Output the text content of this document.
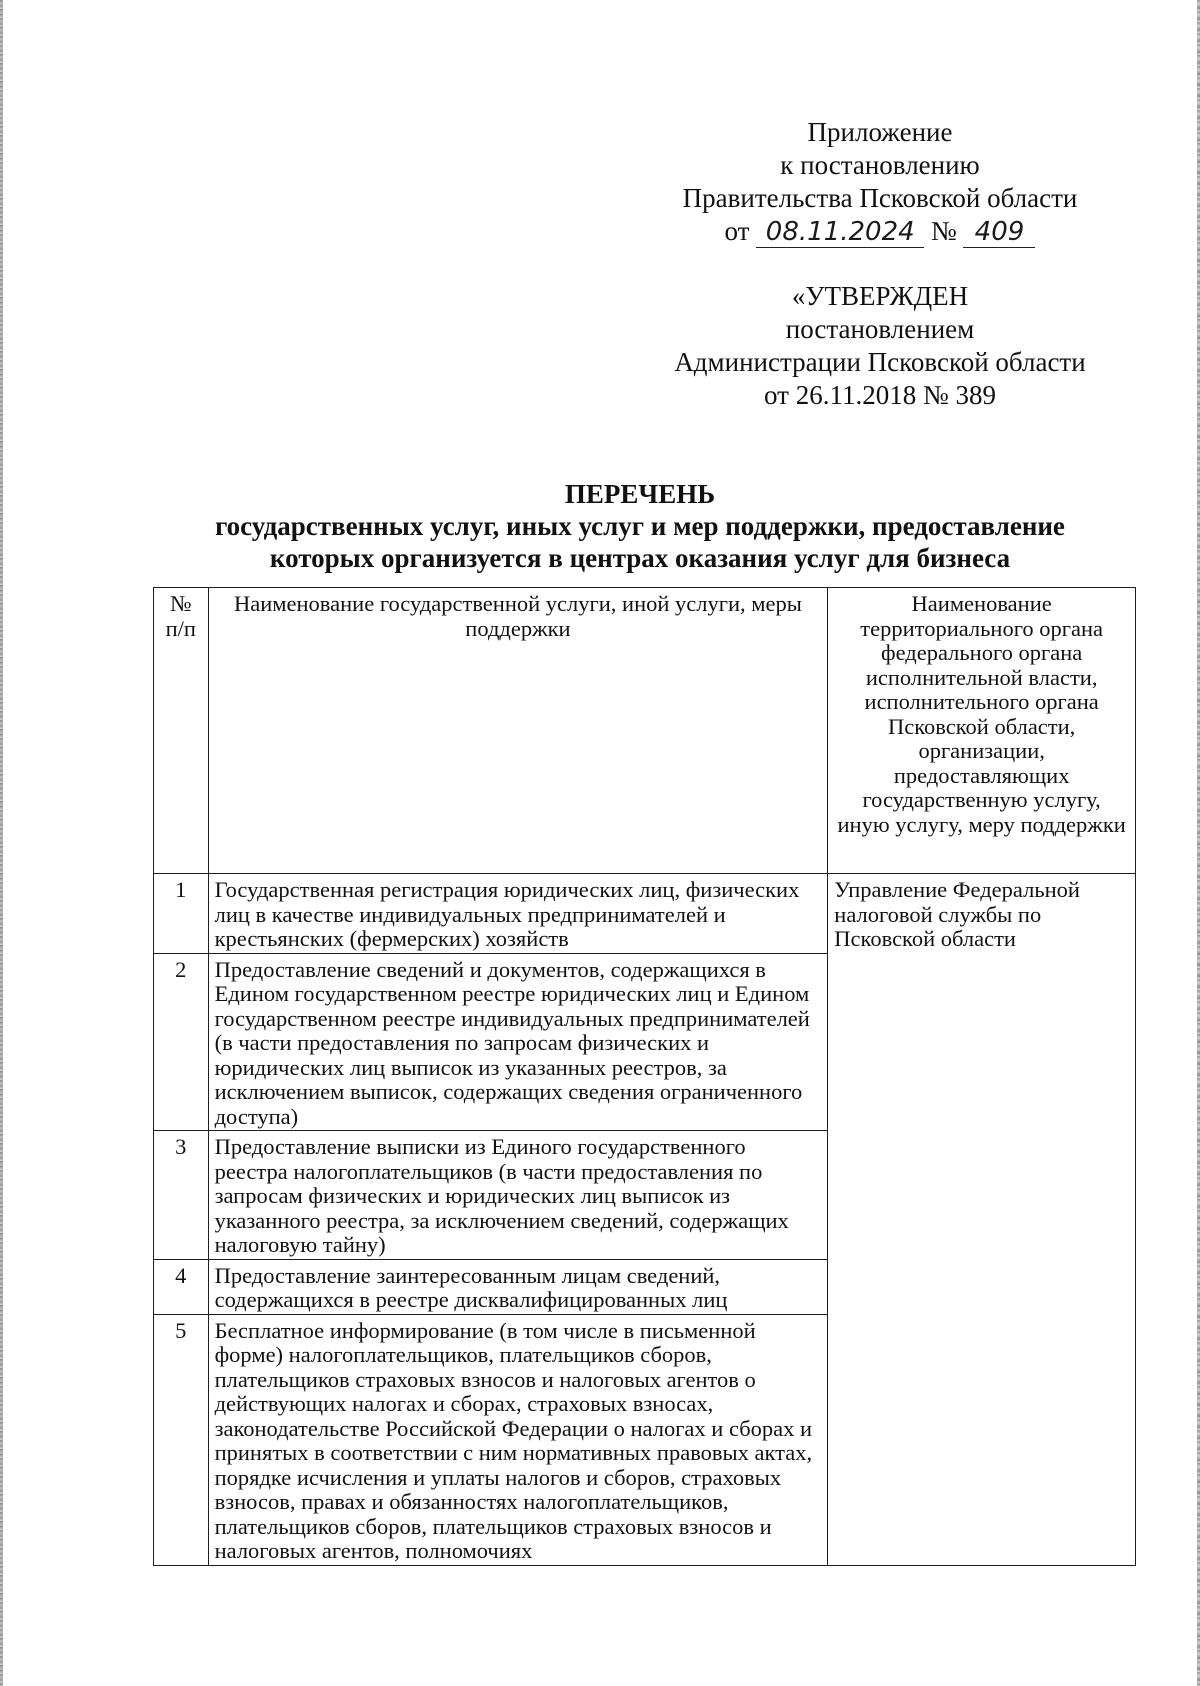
Приложение
к постановлению
Правительства Псковской области
от 08.11.2024 № 409
«УТВЕРЖДЕН
постановлением
Администрации Псковской области
от 26.11.2018 № 389
ПЕРЕЧЕНЬ
государственных услуг, иных услуг и мер поддержки, предоставление
которых организуется в центрах оказания услуг для бизнеса
№ п/п	Наименование государственной услуги, иной услуги, меры поддержки	Наименование территориального органа федерального органа исполнительной власти, исполнительного органа Псковской области, организации, предоставляющих государственную услугу, иную услугу, меру поддержки
1	Государственная регистрация юридических лиц, физических лиц в качестве индивидуальных предпринимателей и крестьянских (фермерских) хозяйств	Управление Федеральной налоговой службы по Псковской области
2	Предоставление сведений и документов, содержащихся в Едином государственном реестре юридических лиц и Едином государственном реестре индивидуальных предпринимателей (в части предоставления по запросам физических и юридических лиц выписок из указанных реестров, за исключением выписок, содержащих сведения ограниченного доступа)	
3	Предоставление выписки из Единого государственного реестра налогоплательщиков (в части предоставления по запросам физических и юридических лиц выписок из указанного реестра, за исключением сведений, содержащих налоговую тайну)	
4	Предоставление заинтересованным лицам сведений, содержащихся в реестре дисквалифицированных лиц	
5	Бесплатное информирование (в том числе в письменной форме) налогоплательщиков, плательщиков сборов, плательщиков страховых взносов и налоговых агентов о действующих налогах и сборах, страховых взносах, законодательстве Российской Федерации о налогах и сборах и принятых в соответствии с ним нормативных правовых актах, порядке исчисления и уплаты налогов и сборов, страховых взносов, правах и обязанностях налогоплательщиков, плательщиков сборов, плательщиков страховых взносов и налоговых агентов, полномочиях	
